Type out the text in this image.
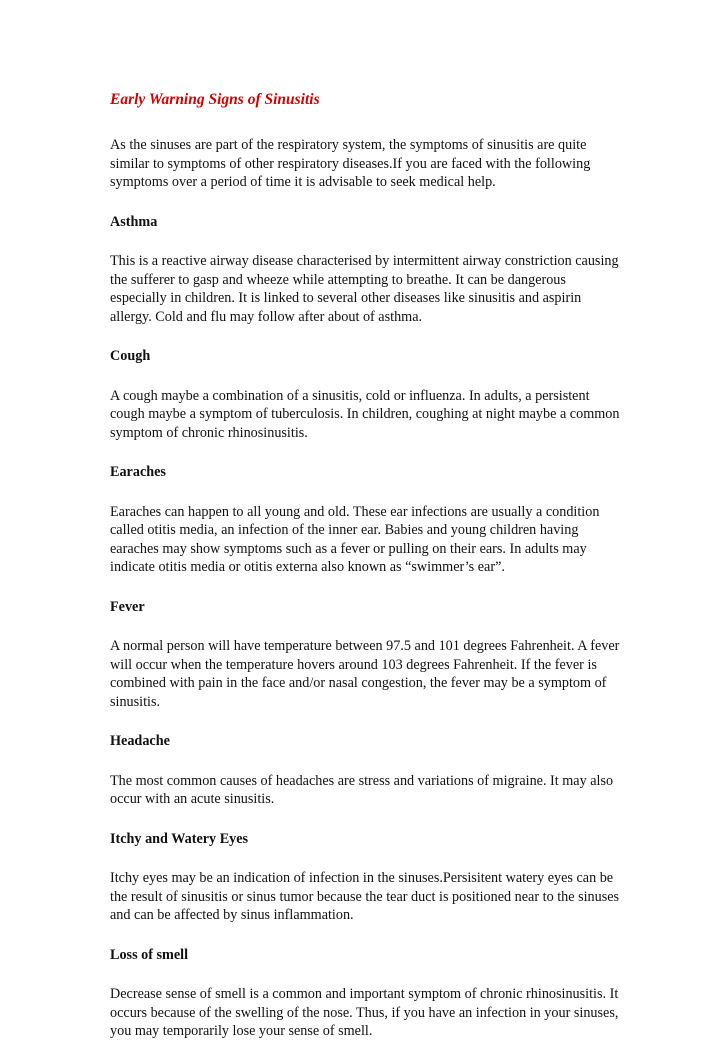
Early Warning Signs of Sinusitis

As the sinuses are part of the respiratory system, the symptoms of sinusitis are quite similar to symptoms of other respiratory diseases.If you are faced with the following symptoms over a period of time it is advisable to seek medical help.

Asthma

This is a reactive airway disease characterised by intermittent airway constriction causing the sufferer to gasp and wheeze while attempting to breathe. It can be dangerous especially in children. It is linked to several other diseases like sinusitis and aspirin allergy. Cold and flu may follow after about of asthma.

Cough

A cough maybe a combination of a sinusitis, cold or influenza. In adults, a persistent cough maybe a symptom of tuberculosis. In children, coughing at night maybe a common symptom of chronic rhinosinusitis.

Earaches

Earaches can happen to all young and old. These ear infections are usually a condition called otitis media, an infection of the inner ear. Babies and young children having earaches may show symptoms such as a fever or pulling on their ears. In adults may indicate otitis media or otitis externa also known as “swimmer’s ear”.

Fever

A normal person will have temperature between 97.5 and 101 degrees Fahrenheit. A fever will occur when the temperature hovers around 103 degrees Fahrenheit. If the fever is combined with pain in the face and/or nasal congestion, the fever may be a symptom of sinusitis.

Headache

The most common causes of headaches are stress and variations of migraine. It may also occur with an acute sinusitis.

Itchy and Watery Eyes

Itchy eyes may be an indication of infection in the sinuses.Persisitent watery eyes can be the result of sinusitis or sinus tumor because the tear duct is positioned near to the sinuses and can be affected by sinus inflammation.

Loss of smell

Decrease sense of smell is a common and important symptom of chronic rhinosinusitis. It occurs because of the swelling of the nose. Thus, if you have an infection in your sinuses, you may temporarily lose your sense of smell.
